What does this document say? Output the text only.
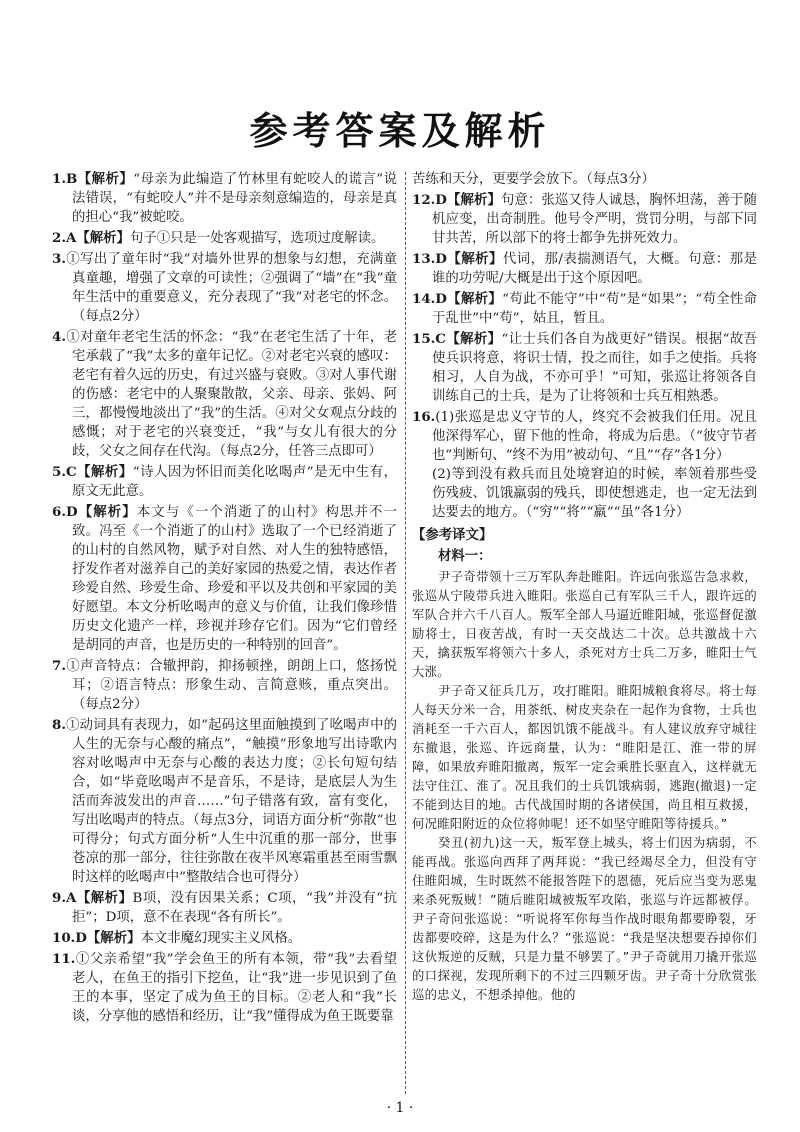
参考答案及解析

1.B【解析】“母亲为此编造了竹林里有蛇咬人的谎言”说法错误，“有蛇咬人”并不是母亲刻意编造的，母亲是真的担心“我”被蛇咬。

2.A【解析】句子①只是一处客观描写，选项过度解读。

3.①写出了童年时“我”对墙外世界的想象与幻想，充满童真童趣，增强了文章的可读性；②强调了“墙”在“我”童年生活中的重要意义，充分表现了“我”对老宅的怀念。（每点2分）

4.①对童年老宅生活的怀念：“我”在老宅生活了十年，老宅承载了“我”太多的童年记忆。②对老宅兴衰的感叹：老宅有着久远的历史，有过兴盛与衰败。③对人事代谢的伤感：老宅中的人聚聚散散，父亲、母亲、张妈、阿三，都慢慢地淡出了“我”的生活。④对父女观点分歧的感慨；对于老宅的兴衰变迁，“我”与女儿有很大的分歧，父女之间存在代沟。（每点2分，任答三点即可）

5.C【解析】“诗人因为怀旧而美化吆喝声”是无中生有，原文无此意。

6.D【解析】本文与《一个消逝了的山村》构思并不一致。冯至《一个消逝了的山村》选取了一个已经消逝了的山村的自然风物，赋予对自然、对人生的独特感悟，抒发作者对滋养自己的美好家园的热爱之情，表达作者珍爱自然、珍爱生命、珍爱和平以及共创和平家园的美好愿望。本文分析吆喝声的意义与价值，让我们像珍惜历史文化遗产一样，珍视并珍存它们。因为“它们曾经是胡同的声音，也是历史的一种特别的回音”。

7.①声音特点：合辙押韵，抑扬顿挫，朗朗上口，悠扬悦耳；②语言特点：形象生动、言简意赅，重点突出。（每点2分）

8.①动词具有表现力，如“起码这里面触摸到了吆喝声中的人生的无奈与心酸的痛点”，“触摸”形象地写出诗歌内容对吆喝声中无奈与心酸的表达力度；②长句短句结合，如“毕竟吆喝声不是音乐，不是诗，是底层人为生活而奔波发出的声音……”句子错落有致，富有变化，写出吆喝声的特点。（每点3分，词语方面分析“弥散”也可得分；句式方面分析“人生中沉重的那一部分，世事苍凉的那一部分，往往弥散在夜半风寒霜重甚至雨雪飘时这样的吆喝声中”整散结合也可得分）

9.A【解析】B项，没有因果关系；C项，“我”并没有“抗拒”；D项，意不在表现“各有所长”。

10.D【解析】本文非魔幻现实主义风格。

11.①父亲希望“我”学会鱼王的所有本领，带“我”去看望老人，在鱼王的指引下挖鱼，让“我”进一步见识到了鱼王的本事，坚定了成为鱼王的目标。②老人和“我”长谈，分享他的感悟和经历，让“我”懂得成为鱼王既要靠

苦练和天分，更要学会放下。（每点3分）

12.D【解析】句意：张巡又待人诚恳，胸怀坦荡，善于随机应变，出奇制胜。他号令严明，赏罚分明，与部下同甘共苦，所以部下的将士都争先拼死效力。

13.D【解析】代词，那/表揣测语气，大概。句意：那是谁的功劳呢/大概是出于这个原因吧。

14.D【解析】“苟此不能守”中“苟”是“如果”；“苟全性命于乱世”中“苟”，姑且，暂且。

15.C【解析】“让士兵们各自为战更好”错误。根据“故吾使兵识将意，将识士情，投之而往，如手之使指。兵将相习，人自为战，不亦可乎！”可知，张巡让将领各自训练自己的士兵，是为了让将领和士兵互相熟悉。

16.(1)张巡是忠义守节的人，终究不会被我们任用。况且他深得军心，留下他的性命，将成为后患。（“彼守节者也”判断句、“终不为用”被动句、“且”“存”各1分）
(2)等到没有救兵而且处境窘迫的时候，率领着那些受伤残疲、饥饿羸弱的残兵，即使想逃走，也一定无法到达要去的地方。（“穷”“将”“羸”“虽”各1分）
【参考译文】
材料一：

尹子奇带领十三万军队奔赴睢阳。许远向张巡告急求救，张巡从宁陵带兵进入睢阳。张巡自己有军队三千人，跟许远的军队合并六千八百人。叛军全部人马逼近睢阳城，张巡督促激励将士，日夜苦战，有时一天交战达二十次。总共激战十六天，擒获叛军将领六十多人，杀死对方士兵二万多，睢阳士气大涨。

尹子奇又征兵几万，攻打睢阳。睢阳城粮食将尽。将士每人每天分米一合，用茶纸、树皮夹杂在一起作为食物，士兵也消耗至一千六百人，都因饥饿不能战斗。有人建议放弃守城往东撤退，张巡、许远商量，认为：“睢阳是江、淮一带的屏障，如果放弃睢阳撤离，叛军一定会乘胜长驱直入，这样就无法守住江、淮了。况且我们的士兵饥饿病弱，逃跑(撤退)一定不能到达目的地。古代战国时期的各诸侯国，尚且相互救援，何况睢阳附近的众位将帅呢！还不如坚守睢阳等待援兵。”

癸丑(初九)这一天，叛军登上城头，将士们因为病弱，不能再战。张巡向西拜了两拜说：“我已经竭尽全力，但没有守住睢阳城，生时既然不能报答陛下的恩德，死后应当变为恶鬼来杀死叛贼！”随后睢阳城被叛军攻陷，张巡与许远都被俘。尹子奇问张巡说：“听说将军你每当作战时眼角都要睁裂，牙齿都要咬碎，这是为什么？”张巡说：“我是坚决想要吞掉你们这伙叛逆的反贼，只是力量不够罢了。”尹子奇就用刀撬开张巡的口探视，发现所剩下的不过三四颗牙齿。尹子奇十分欣赏张巡的忠义，不想杀掉他。他的

· 1 ·
